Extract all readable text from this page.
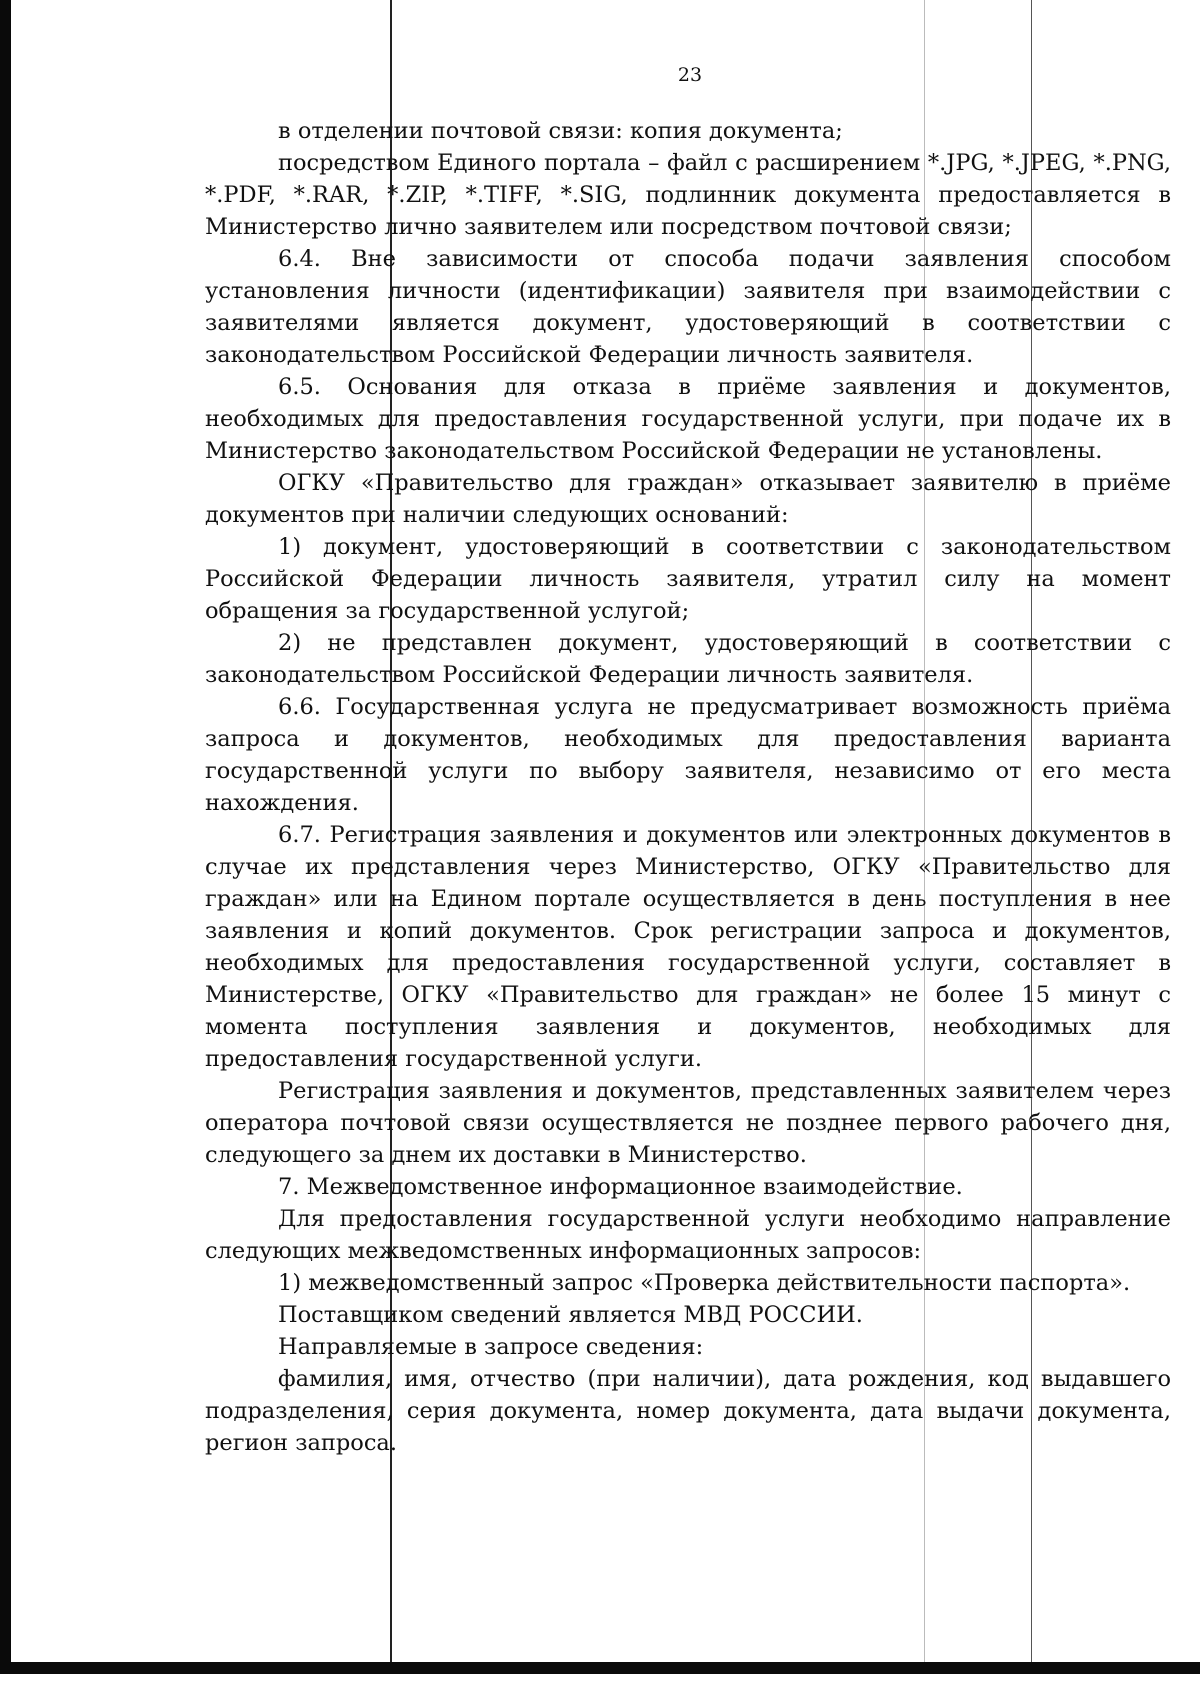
23

в отделении почтовой связи: копия документа;

посредством Единого портала – файл с расширением *.JPG, *.JPEG, *.PNG, *.PDF, *.RAR, *.ZIP, *.TIFF, *.SIG, подлинник документа предоставляется в Министерство лично заявителем или посредством почтовой связи;

6.4. Вне зависимости от способа подачи заявления способом установления личности (идентификации) заявителя при взаимодействии с заявителями является документ, удостоверяющий в соответствии с законодательством Российской Федерации личность заявителя.

6.5. Основания для отказа в приёме заявления и документов, необходимых для предоставления государственной услуги, при подаче их в Министерство законодательством Российской Федерации не установлены.

ОГКУ «Правительство для граждан» отказывает заявителю в приёме документов при наличии следующих оснований:

1) документ, удостоверяющий в соответствии с законодательством Российской Федерации личность заявителя, утратил силу на момент обращения за государственной услугой;

2) не представлен документ, удостоверяющий в соответствии с законодательством Российской Федерации личность заявителя.

6.6. Государственная услуга не предусматривает возможность приёма запроса и документов, необходимых для предоставления варианта государственной услуги по выбору заявителя, независимо от его места нахождения.

6.7. Регистрация заявления и документов или электронных документов в случае их представления через Министерство, ОГКУ «Правительство для граждан» или на Едином портале осуществляется в день поступления в нее заявления и копий документов. Срок регистрации запроса и документов, необходимых для предоставления государственной услуги, составляет в Министерстве, ОГКУ «Правительство для граждан» не более 15 минут с момента поступления заявления и документов, необходимых для предоставления государственной услуги.

Регистрация заявления и документов, представленных заявителем через оператора почтовой связи осуществляется не позднее первого рабочего дня, следующего за днем их доставки в Министерство.

7. Межведомственное информационное взаимодействие.

Для предоставления государственной услуги необходимо направление следующих межведомственных информационных запросов:

1) межведомственный запрос «Проверка действительности паспорта».

Поставщиком сведений является МВД РОССИИ.

Направляемые в запросе сведения:

фамилия, имя, отчество (при наличии), дата рождения, код выдавшего подразделения, серия документа, номер документа, дата выдачи документа, регион запроса.
